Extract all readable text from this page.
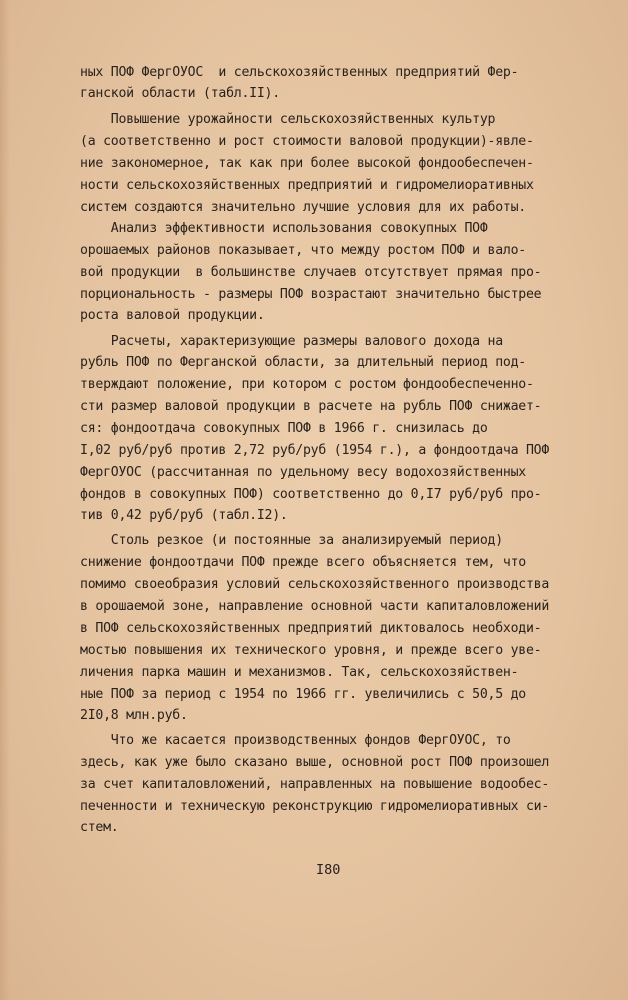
ных ПОФ ФергОУОС  и сельскохозяйственных предприятий Фер-
ганской области (табл.II).
Повышение урожайности сельскохозяйственных культур
(а соответственно и рост стоимости валовой продукции)-явле-
ние закономерное, так как при более высокой фондообеспечен-
ности сельскохозяйственных предприятий и гидромелиоративных
систем создаются значительно лучшие условия для их работы.
Анализ эффективности использования совокупных ПОФ
орошаемых районов показывает, что между ростом ПОФ и вало-
вой продукции  в большинстве случаев отсутствует прямая про-
порциональность - размеры ПОФ возрастают значительно быстрее
роста валовой продукции.
Расчеты, характеризующие размеры валового дохода на
рубль ПОФ по Ферганской области, за длительный период под-
тверждают положение, при котором с ростом фондообеспеченно-
сти размер валовой продукции в расчете на рубль ПОФ снижает-
ся: фондоотдача совокупных ПОФ в 1966 г. снизилась до
I,02 руб/руб против 2,72 руб/руб (1954 г.), а фондоотдача ПОФ
ФергОУОС (рассчитанная по удельному весу водохозяйственных
фондов в совокупных ПОФ) соответственно до 0,I7 руб/руб про-
тив 0,42 руб/руб (табл.I2).
Столь резкое (и постоянные за анализируемый период)
снижение фондоотдачи ПОФ прежде всего объясняется тем, что
помимо своеобразия условий сельскохозяйственного производства
в орошаемой зоне, направление основной части капиталовложений
в ПОФ сельскохозяйственных предприятий диктовалось необходи-
мостью повышения их технического уровня, и прежде всего уве-
личения парка машин и механизмов. Так, сельскохозяйствен-
ные ПОФ за период с 1954 по 1966 гг. увеличились с 50,5 до
2I0,8 млн.руб.
Что же касается производственных фондов ФергОУОС, то
здесь, как уже было сказано выше, основной рост ПОФ произошел
за счет капиталовложений, направленных на повышение водообес-
печенности и техническую реконструкцию гидромелиоративных си-
стем.
I80
